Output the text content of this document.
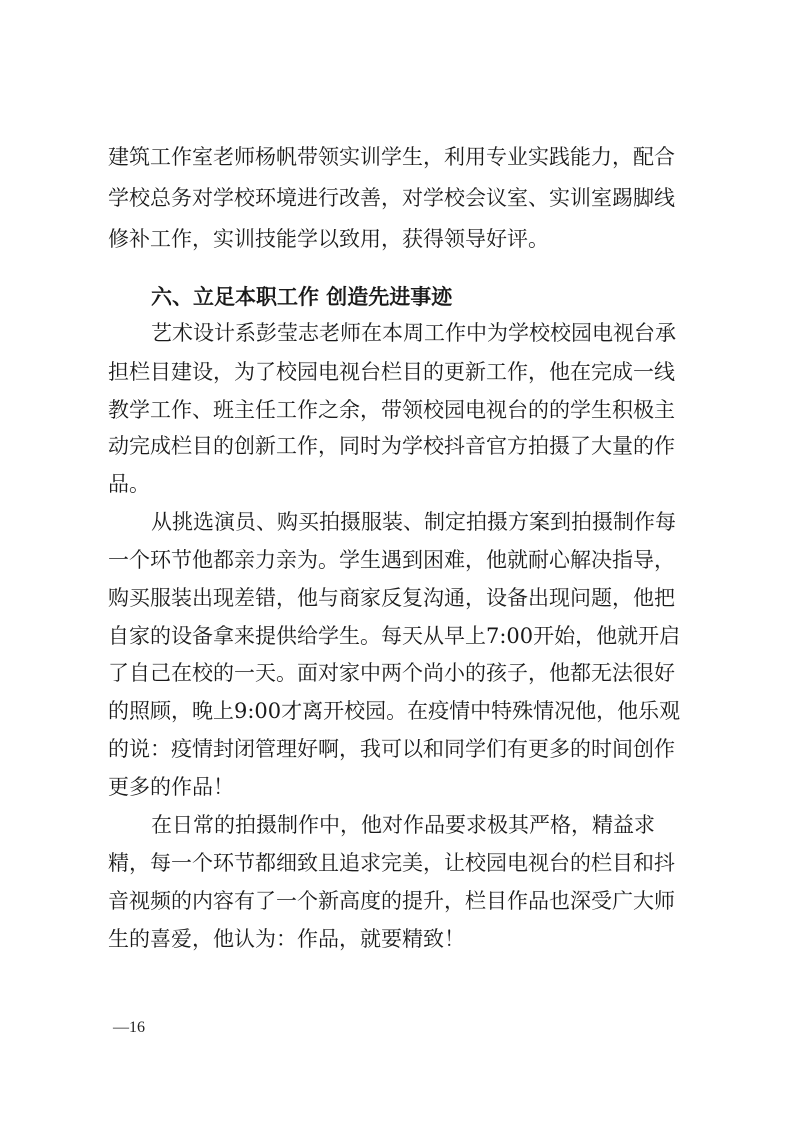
建筑工作室老师杨帆带领实训学生，利用专业实践能力，配合
学校总务对学校环境进行改善，对学校会议室、实训室踢脚线
修补工作，实训技能学以致用，获得领导好评。
六、立足本职工作 创造先进事迹
艺术设计系彭莹志老师在本周工作中为学校校园电视台承
担栏目建设，为了校园电视台栏目的更新工作，他在完成一线
教学工作、班主任工作之余，带领校园电视台的的学生积极主
动完成栏目的创新工作，同时为学校抖音官方拍摄了大量的作
品。
从挑选演员、购买拍摄服装、制定拍摄方案到拍摄制作每
一个环节他都亲力亲为。学生遇到困难，他就耐心解决指导，
购买服装出现差错，他与商家反复沟通，设备出现问题，他把
自家的设备拿来提供给学生。每天从早上7:00开始，他就开启
了自己在校的一天。面对家中两个尚小的孩子，他都无法很好
的照顾，晚上9:00才离开校园。在疫情中特殊情况他，他乐观
的说：疫情封闭管理好啊，我可以和同学们有更多的时间创作
更多的作品！
在日常的拍摄制作中，他对作品要求极其严格，精益求
精，每一个环节都细致且追求完美，让校园电视台的栏目和抖
音视频的内容有了一个新高度的提升，栏目作品也深受广大师
生的喜爱，他认为：作品，就要精致！
—16
